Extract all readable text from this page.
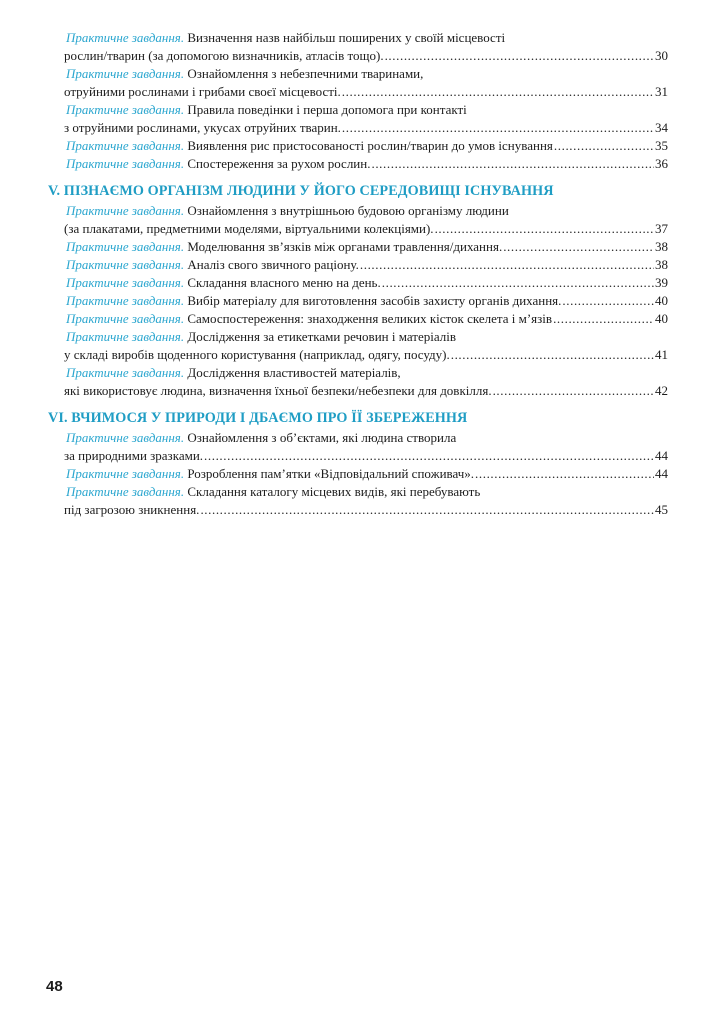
Практичне завдання. Визначення назв найбільш поширених у своїй місцевості
рослин/тварин (за допомогою визначників, атласів тощо). .....	30
Практичне завдання. Ознайомлення з небезпечними тваринами,
отруйними рослинами і грибами своєї місцевості. .....	31
Практичне завдання. Правила поведінки і перша допомога при контакті
з отруйними рослинами, укусах отруйних тварин. .....	34
Практичне завдання. Виявлення рис пристосованості рослин/тварин до умов існування .....	35
Практичне завдання. Спостереження за рухом рослин. .....	36
V. ПІЗНАЄМО ОРГАНІЗМ ЛЮДИНИ У ЙОГО СЕРЕДОВИЩІ ІСНУВАННЯ
Практичне завдання. Ознайомлення з внутрішньою будовою організму людини
(за плакатами, предметними моделями, віртуальними колекціями). .....	37
Практичне завдання. Моделювання зв’язків між органами травлення/дихання. .....	38
Практичне завдання. Аналіз свого звичного раціону. .....	38
Практичне завдання. Складання власного меню на день. .....	39
Практичне завдання. Вибір матеріалу для виготовлення засобів захисту органів дихання. .....	40
Практичне завдання. Самоспостереження: знаходження великих кісток скелета і м’язів .....	40
Практичне завдання. Дослідження за етикетками речовин і матеріалів
у складі виробів щоденного користування (наприклад, одягу, посуду). .....	41
Практичне завдання. Дослідження властивостей матеріалів,
які використовує людина, визначення їхньої безпеки/небезпеки для довкілля. .....	42
VI. ВЧИМОСЯ У ПРИРОДИ І ДБАЄМО ПРО ЇЇ ЗБЕРЕЖЕННЯ
Практичне завдання. Ознайомлення з об’єктами, які людина створила
за природними зразками. .....	44
Практичне завдання. Розроблення пам’ятки «Відповідальний споживач». .....	44
Практичне завдання. Складання каталогу місцевих видів, які перебувають
під загрозою зникнення. .....	45
48
